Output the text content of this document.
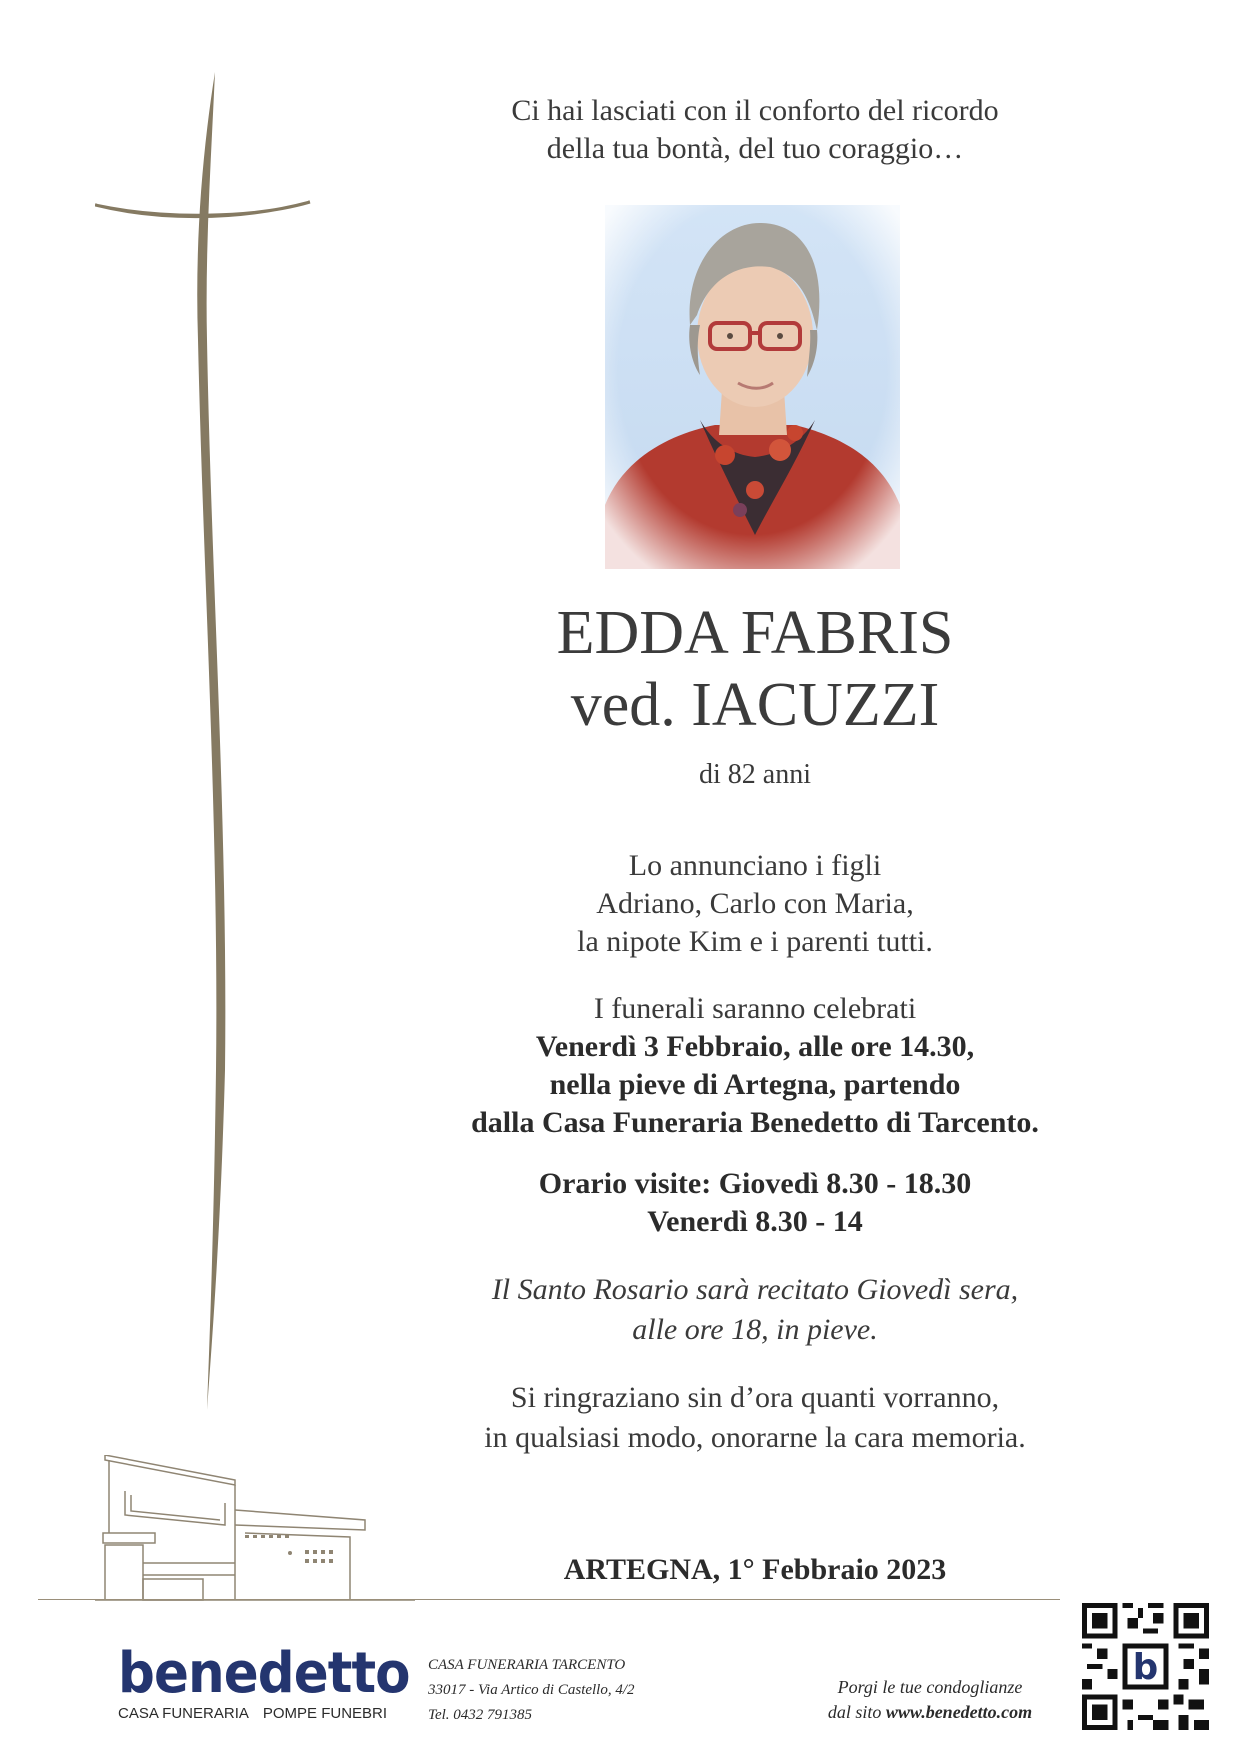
Ci hai lasciati con il conforto del ricordo
della tua bontà, del tuo coraggio…
EDDA FABRIS
ved. IACUZZI
di 82 anni
Lo annunciano i figli
Adriano, Carlo con Maria,
la nipote Kim e i parenti tutti.
I funerali saranno celebrati
Venerdì 3 Febbraio, alle ore 14.30,
nella pieve di Artegna, partendo
dalla Casa Funeraria Benedetto di Tarcento.
Orario visite: Giovedì 8.30 - 18.30
Venerdì 8.30 - 14
Il Santo Rosario sarà recitato Giovedì sera,
alle ore 18, in pieve.
Si ringraziano sin d’ora quanti vorranno,
in qualsiasi modo, onorarne la cara memoria.
ARTEGNA, 1° Febbraio 2023
benedetto
CASA FUNERARIA POMPE FUNEBRI
CASA FUNERARIA TARCENTO
33017 - Via Artico di Castello, 4/2
Tel. 0432 791385
Porgi le tue condoglianze
dal sito www.benedetto.com
b
